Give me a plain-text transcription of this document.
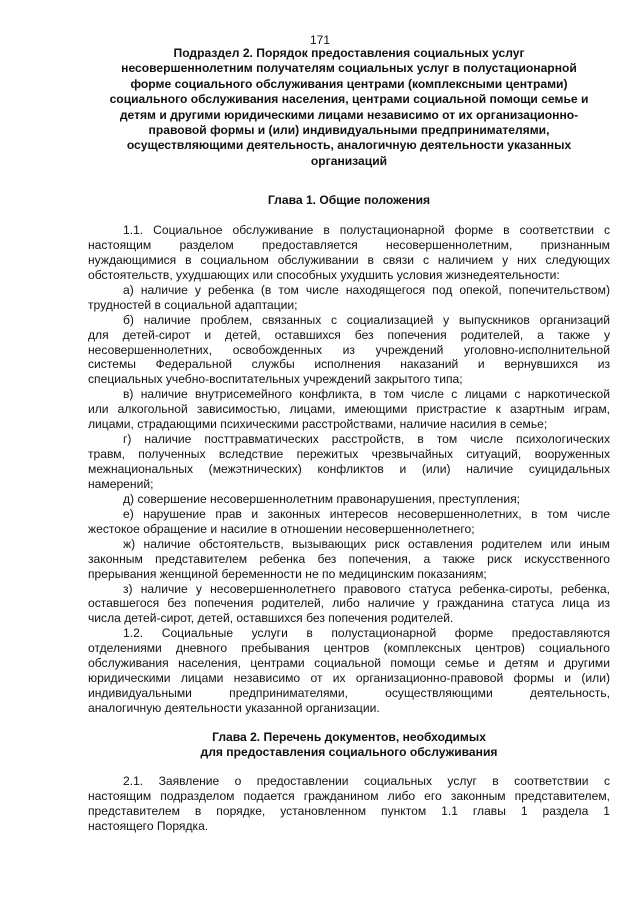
171
Подраздел 2. Порядок предоставления социальных услуг
несовершеннолетним получателям социальных услуг в полустационарной
форме социального обслуживания центрами (комплексными центрами)
социального обслуживания населения, центрами социальной помощи семье и
детям и другими юридическими лицами независимо от их организационно-
правовой формы и (или) индивидуальными предпринимателями,
осуществляющими деятельность, аналогичную деятельности указанных
организаций
Глава 1. Общие положения
1.1. Социальное обслуживание в полустационарной форме в соответствии с
настоящим разделом предоставляется несовершеннолетним, признанным
нуждающимися в социальном обслуживании в связи с наличием у них следующих
обстоятельств, ухудшающих или способных ухудшить условия жизнедеятельности:
а) наличие у ребенка (в том числе находящегося под опекой, попечительством)
трудностей в социальной адаптации;
б) наличие проблем, связанных с социализацией у выпускников организаций
для детей-сирот и детей, оставшихся без попечения родителей, а также у
несовершеннолетних, освобожденных из учреждений уголовно-исполнительной
системы Федеральной службы исполнения наказаний и вернувшихся из
специальных учебно-воспитательных учреждений закрытого типа;
в) наличие внутрисемейного конфликта, в том числе с лицами с наркотической
или алкогольной зависимостью, лицами, имеющими пристрастие к азартным играм,
лицами, страдающими психическими расстройствами, наличие насилия в семье;
г) наличие посттравматических расстройств, в том числе психологических
травм, полученных вследствие пережитых чрезвычайных ситуаций, вооруженных
межнациональных (межэтнических) конфликтов и (или) наличие суицидальных
намерений;
д) совершение несовершеннолетним правонарушения, преступления;
е) нарушение прав и законных интересов несовершеннолетних, в том числе
жестокое обращение и насилие в отношении несовершеннолетнего;
ж) наличие обстоятельств, вызывающих риск оставления родителем или иным
законным представителем ребенка без попечения, а также риск искусственного
прерывания женщиной беременности не по медицинским показаниям;
з) наличие у несовершеннолетнего правового статуса ребенка-сироты, ребенка,
оставшегося без попечения родителей, либо наличие у гражданина статуса лица из
числа детей-сирот, детей, оставшихся без попечения родителей.
1.2. Социальные услуги в полустационарной форме предоставляются
отделениями дневного пребывания центров (комплексных центров) социального
обслуживания населения, центрами социальной помощи семье и детям и другими
юридическими лицами независимо от их организационно-правовой формы и (или)
индивидуальными предпринимателями, осуществляющими деятельность,
аналогичную деятельности указанной организации.
Глава 2. Перечень документов, необходимых
для предоставления социального обслуживания
2.1. Заявление о предоставлении социальных услуг в соответствии с
настоящим подразделом подается гражданином либо его законным представителем,
представителем в порядке, установленном пунктом 1.1 главы 1 раздела 1
настоящего Порядка.
